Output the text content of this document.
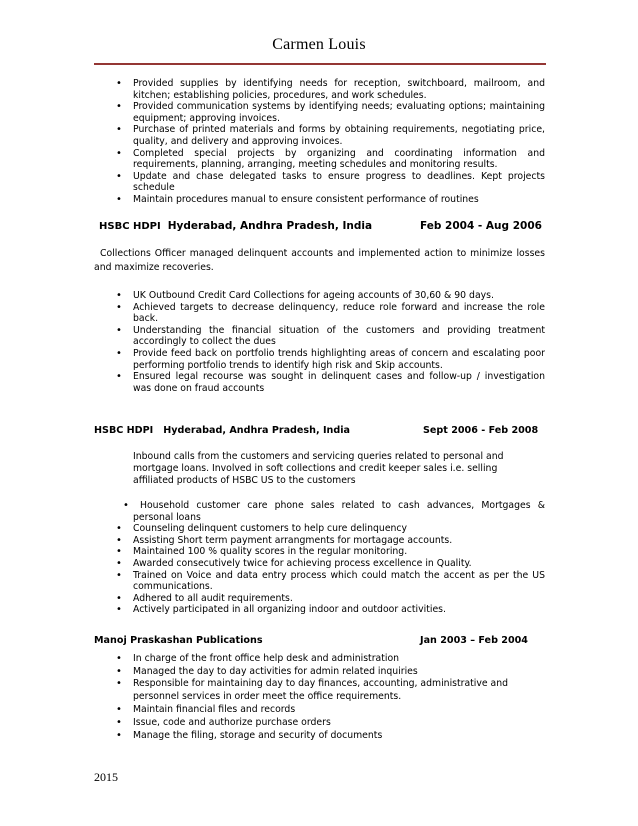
Carmen Louis
• Provided supplies by identifying needs for reception, switchboard, mailroom, and kitchen; establishing policies, procedures, and work schedules.
• Provided communication systems by identifying needs; evaluating options; maintaining equipment; approving invoices.
• Purchase of printed materials and forms by obtaining requirements, negotiating price, quality, and delivery and approving invoices.
• Completed special projects by organizing and coordinating information and requirements, planning, arranging, meeting schedules and monitoring results.
• Update and chase delegated tasks to ensure progress to deadlines. Kept projects schedule
• Maintain procedures manual to ensure consistent performance of routines
HSBC HDPI Hyderabad, Andhra Pradesh, India	Feb 2004 - Aug 2006
Collections Officer managed delinquent accounts and implemented action to minimize losses and maximize recoveries.
• UK Outbound Credit Card Collections for ageing accounts of 30,60 & 90 days.
• Achieved targets to decrease delinquency, reduce role forward and increase the role back.
• Understanding the financial situation of the customers and providing treatment accordingly to collect the dues
• Provide feed back on portfolio trends highlighting areas of concern and escalating poor performing portfolio trends to identify high risk and Skip accounts.
• Ensured legal recourse was sought in delinquent cases and follow-up / investigation was done on fraud accounts
HSBC HDPI Hyderabad, Andhra Pradesh, India	Sept 2006 - Feb 2008
Inbound calls from the customers and servicing queries related to personal and mortgage loans. Involved in soft collections and credit keeper sales i.e. selling affiliated products of HSBC US to the customers
• Household customer care phone sales related to cash advances, Mortgages & personal loans
• Counseling delinquent customers to help cure delinquency
• Assisting Short term payment arrangments for mortagage accounts.
• Maintained 100 % quality scores in the regular monitoring.
• Awarded consecutively twice for achieving process excellence in Quality.
• Trained on Voice and data entry process which could match the accent as per the US communications.
• Adhered to all audit requirements.
• Actively participated in all organizing indoor and outdoor activities.
Manoj Praskashan Publications	Jan 2003 – Feb 2004
• In charge of the front office help desk and administration
• Managed the day to day activities for admin related inquiries
• Responsible for maintaining day to day finances, accounting, administrative and personnel services in order meet the office requirements.
• Maintain financial files and records
• Issue, code and authorize purchase orders
• Manage the filing, storage and security of documents
2015
